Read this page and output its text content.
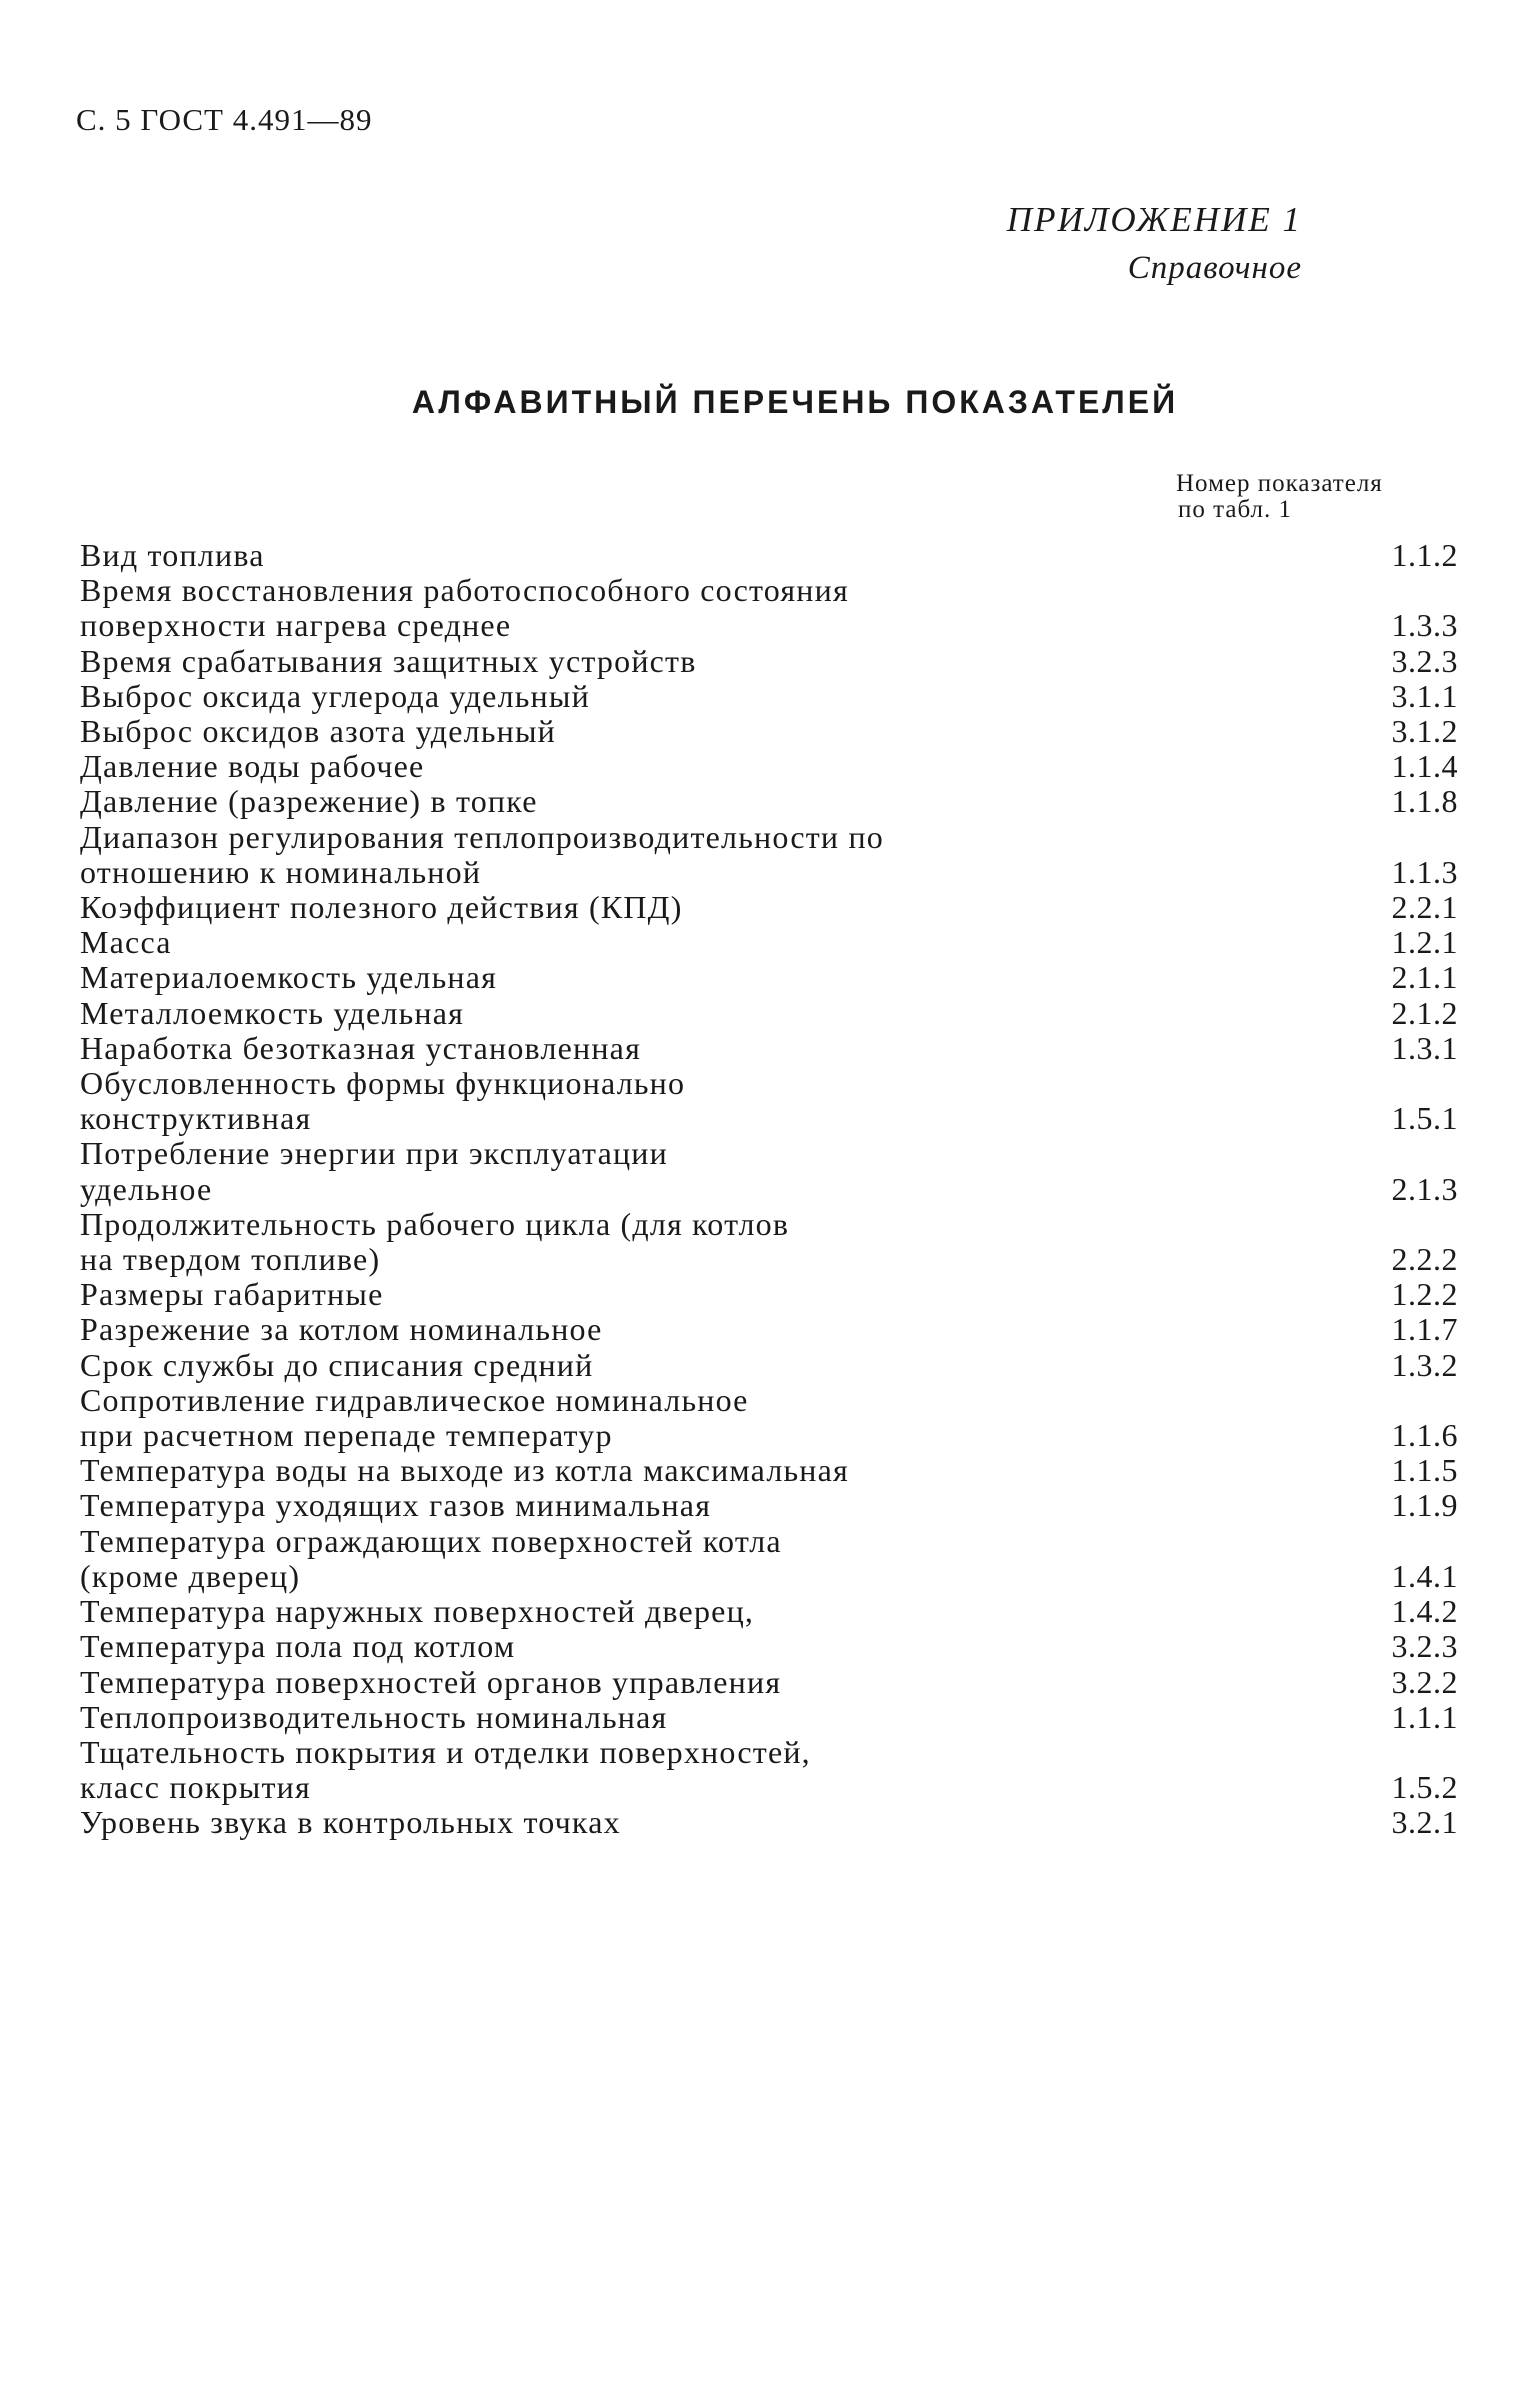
С. 5 ГОСТ 4.491—89
ПРИЛОЖЕНИЕ 1
Справочное
АЛФАВИТНЫЙ ПЕРЕЧЕНЬ ПОКАЗАТЕЛЕЙ
Номер показателя
по табл. 1
Вид топлива	1.1.2
Время восстановления работоспособного состояния
поверхности нагрева среднее	1.3.3
Время срабатывания защитных устройств	3.2.3
Выброс оксида углерода удельный	3.1.1
Выброс оксидов азота удельный	3.1.2
Давление воды рабочее	1.1.4
Давление (разрежение) в топке	1.1.8
Диапазон регулирования теплопроизводительности по
отношению к номинальной	1.1.3
Коэффициент полезного действия (КПД)	2.2.1
Масса	1.2.1
Материалоемкость удельная	2.1.1
Металлоемкость удельная	2.1.2
Наработка безотказная установленная	1.3.1
Обусловленность формы функционально
конструктивная	1.5.1
Потребление энергии при эксплуатации
удельное	2.1.3
Продолжительность рабочего цикла (для котлов
на твердом топливе)	2.2.2
Размеры габаритные	1.2.2
Разрежение за котлом номинальное	1.1.7
Срок службы до списания средний	1.3.2
Сопротивление гидравлическое номинальное
при расчетном перепаде температур	1.1.6
Температура воды на выходе из котла максимальная	1.1.5
Температура уходящих газов минимальная	1.1.9
Температура ограждающих поверхностей котла
(кроме дверец)	1.4.1
Температура наружных поверхностей дверец,	1.4.2
Температура пола под котлом	3.2.3
Температура поверхностей органов управления	3.2.2
Теплопроизводительность номинальная	1.1.1
Тщательность покрытия и отделки поверхностей,
класс покрытия	1.5.2
Уровень звука в контрольных точках	3.2.1
